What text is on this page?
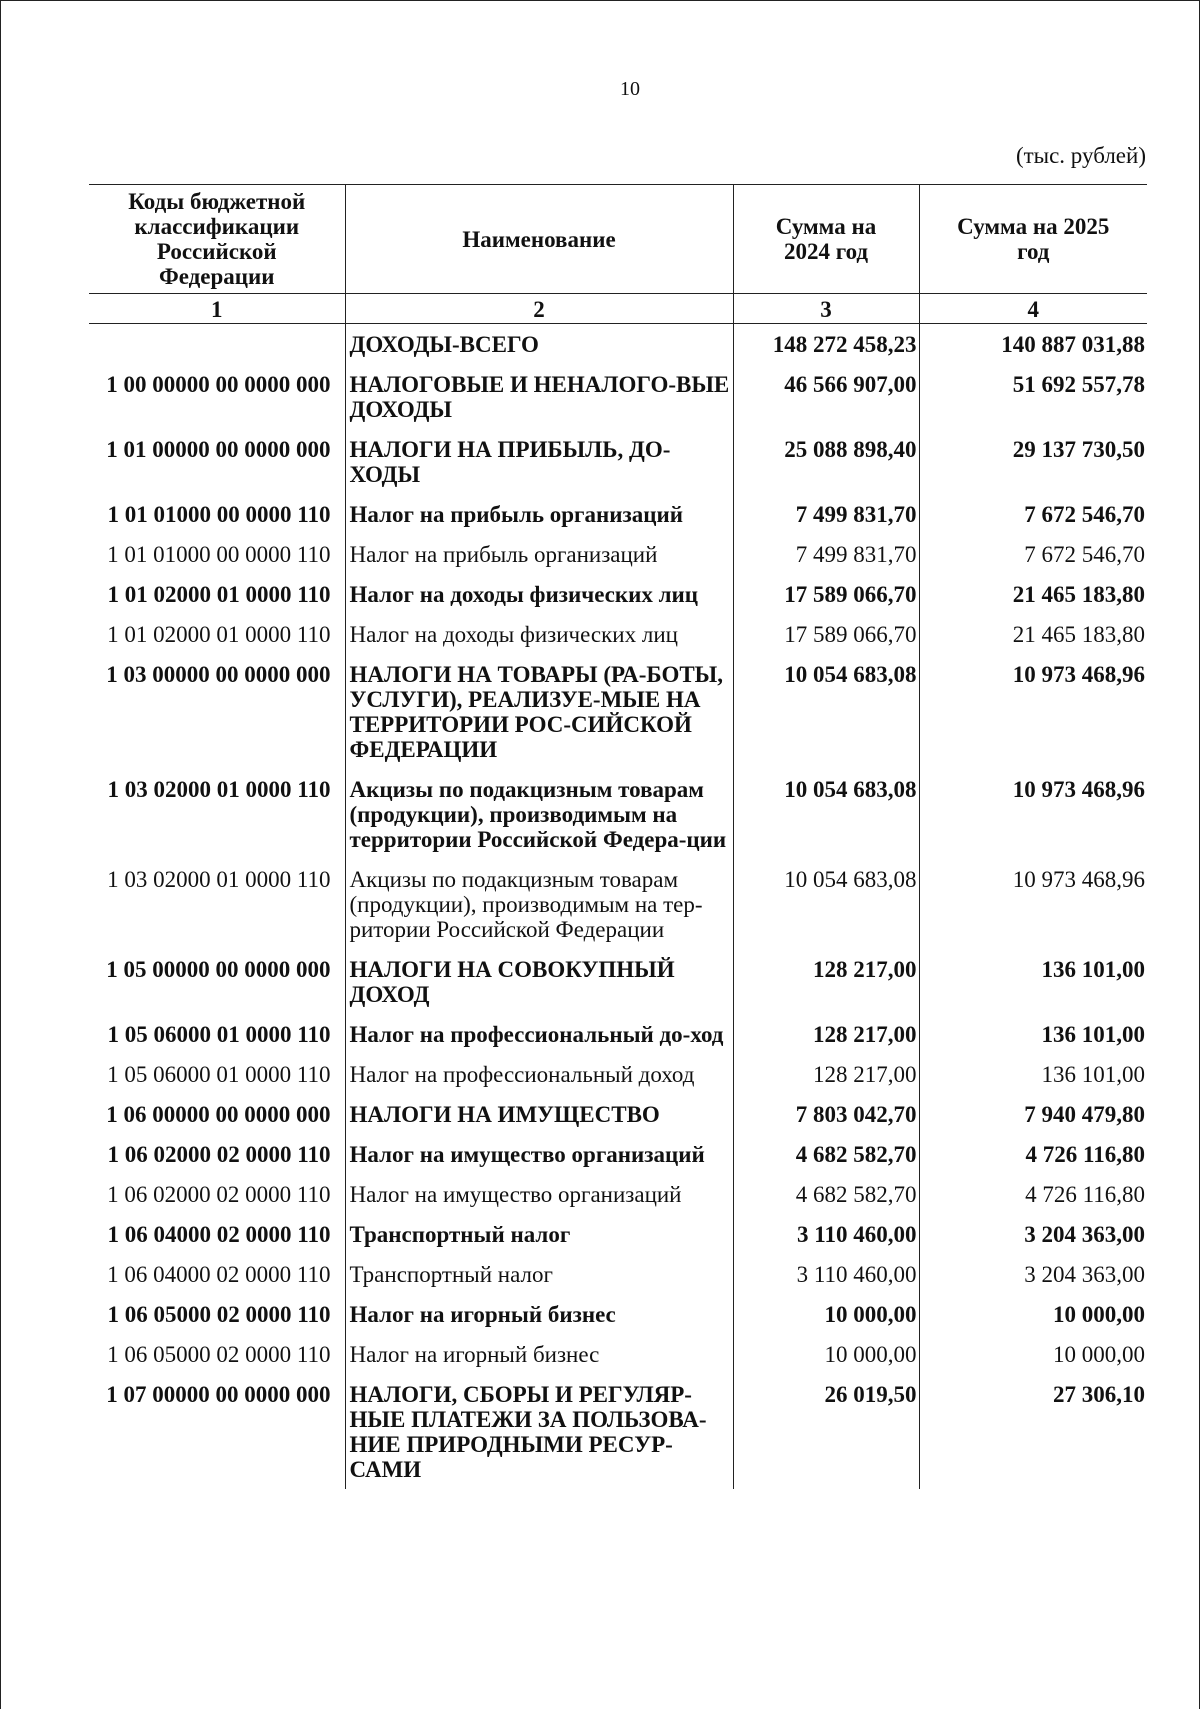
10
(тыс. рублей)
Коды бюджетной классификации Российской Федерации	Наименование	Сумма на 2024 год	Сумма на 2025 год
1	2	3	4
	ДОХОДЫ-ВСЕГО	148 272 458,23	140 887 031,88
1 00 00000 00 0000 000	НАЛОГОВЫЕ И НЕНАЛОГО-ВЫЕ ДОХОДЫ	46 566 907,00	51 692 557,78
1 01 00000 00 0000 000	НАЛОГИ НА ПРИБЫЛЬ, ДО-ХОДЫ	25 088 898,40	29 137 730,50
1 01 01000 00 0000 110	Налог на прибыль организаций	7 499 831,70	7 672 546,70
1 01 01000 00 0000 110	Налог на прибыль организаций	7 499 831,70	7 672 546,70
1 01 02000 01 0000 110	Налог на доходы физических лиц	17 589 066,70	21 465 183,80
1 01 02000 01 0000 110	Налог на доходы физических лиц	17 589 066,70	21 465 183,80
1 03 00000 00 0000 000	НАЛОГИ НА ТОВАРЫ (РА-БОТЫ, УСЛУГИ), РЕАЛИЗУЕ-МЫЕ НА ТЕРРИТОРИИ РОС-СИЙСКОЙ ФЕДЕРАЦИИ	10 054 683,08	10 973 468,96
1 03 02000 01 0000 110	Акцизы по подакцизным товарам (продукции), производимым на территории Российской Федера-ции	10 054 683,08	10 973 468,96
1 03 02000 01 0000 110	Акцизы по подакцизным товарам (продукции), производимым на тер-ритории Российской Федерации	10 054 683,08	10 973 468,96
1 05 00000 00 0000 000	НАЛОГИ НА СОВОКУПНЫЙ ДОХОД	128 217,00	136 101,00
1 05 06000 01 0000 110	Налог на профессиональный до-ход	128 217,00	136 101,00
1 05 06000 01 0000 110	Налог на профессиональный доход	128 217,00	136 101,00
1 06 00000 00 0000 000	НАЛОГИ НА ИМУЩЕСТВО	7 803 042,70	7 940 479,80
1 06 02000 02 0000 110	Налог на имущество организаций	4 682 582,70	4 726 116,80
1 06 02000 02 0000 110	Налог на имущество организаций	4 682 582,70	4 726 116,80
1 06 04000 02 0000 110	Транспортный налог	3 110 460,00	3 204 363,00
1 06 04000 02 0000 110	Транспортный налог	3 110 460,00	3 204 363,00
1 06 05000 02 0000 110	Налог на игорный бизнес	10 000,00	10 000,00
1 06 05000 02 0000 110	Налог на игорный бизнес	10 000,00	10 000,00
1 07 00000 00 0000 000	НАЛОГИ, СБОРЫ И РЕГУЛЯР-НЫЕ ПЛАТЕЖИ ЗА ПОЛЬЗОВА-НИЕ ПРИРОДНЫМИ РЕСУР-САМИ	26 019,50	27 306,10
